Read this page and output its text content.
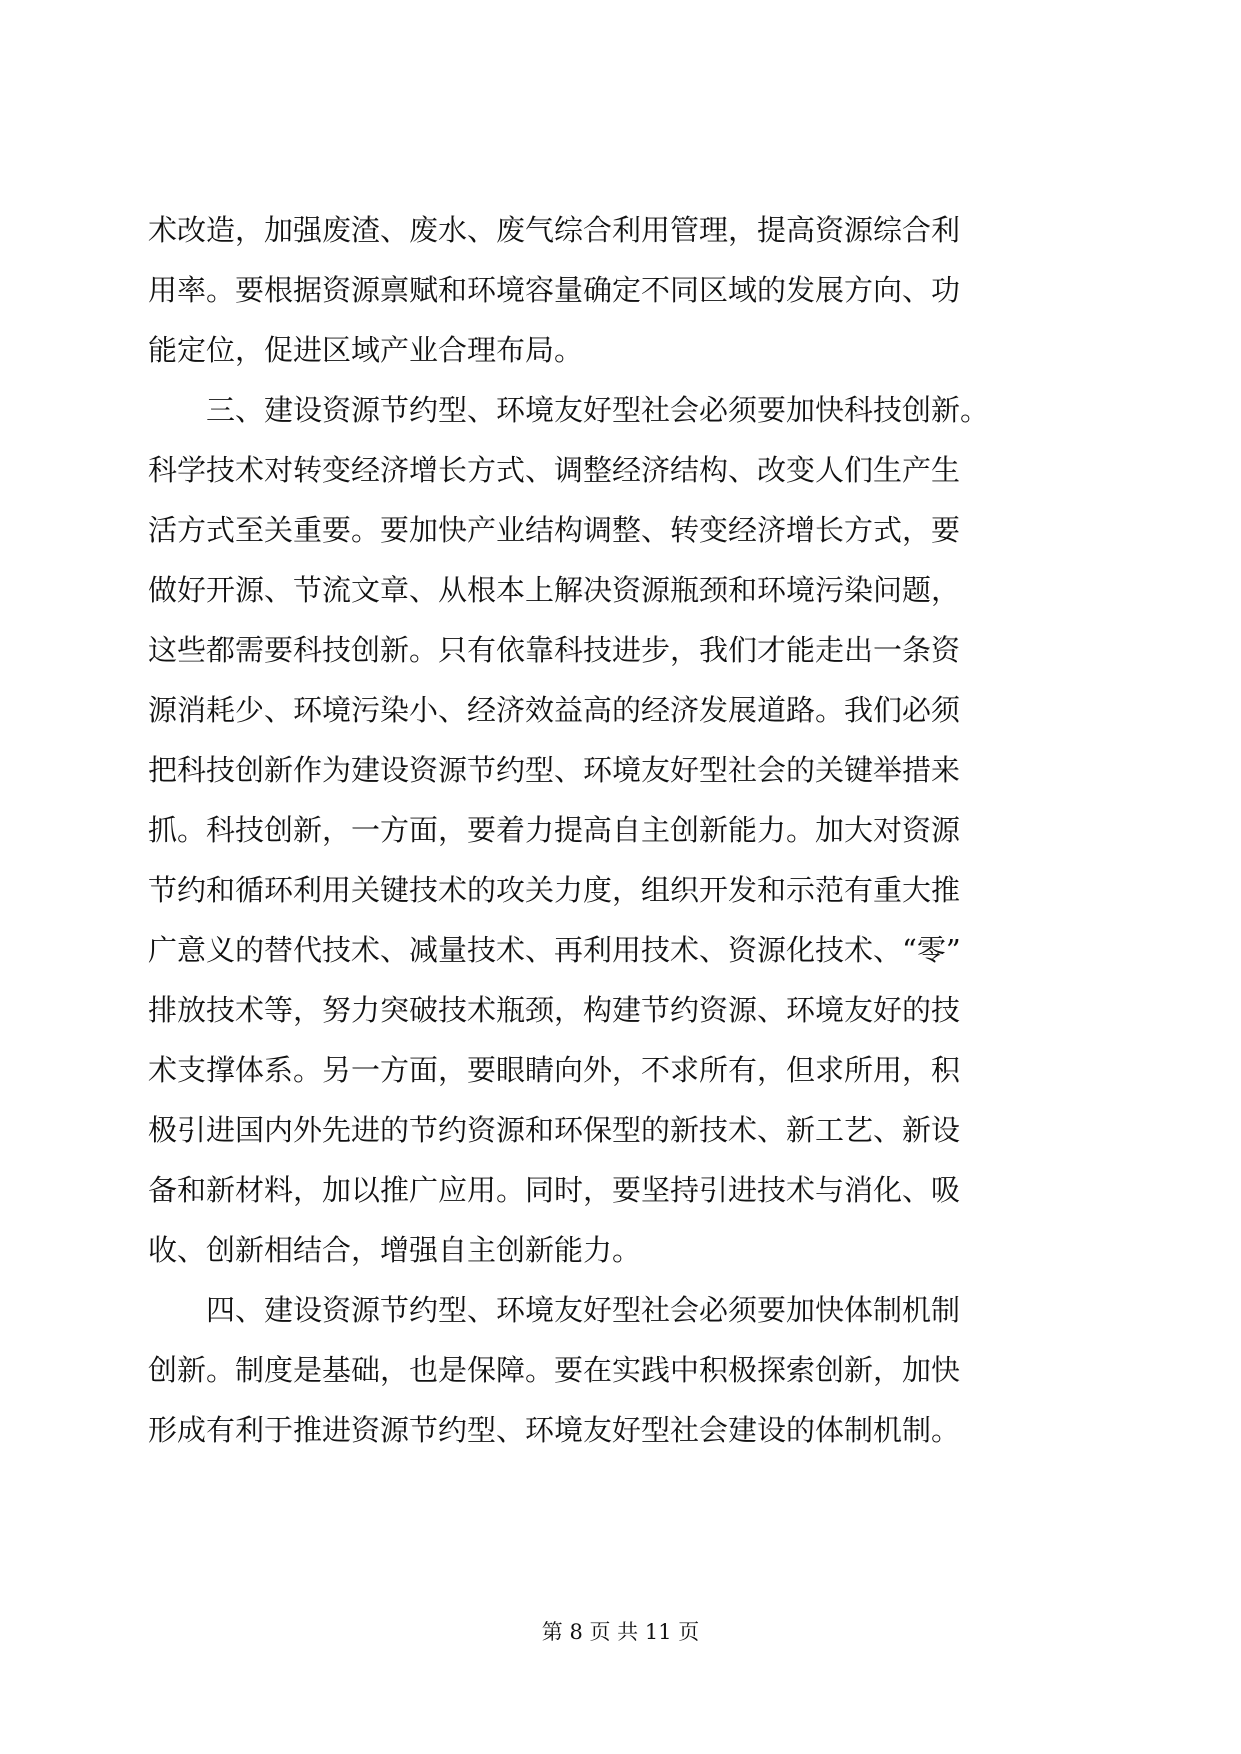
术改造，加强废渣、废水、废气综合利用管理，提高资源综合利
用率。要根据资源禀赋和环境容量确定不同区域的发展方向、功
能定位，促进区域产业合理布局。
三、建设资源节约型、环境友好型社会必须要加快科技创新。
科学技术对转变经济增长方式、调整经济结构、改变人们生产生
活方式至关重要。要加快产业结构调整、转变经济增长方式，要
做好开源、节流文章、从根本上解决资源瓶颈和环境污染问题，
这些都需要科技创新。只有依靠科技进步，我们才能走出一条资
源消耗少、环境污染小、经济效益高的经济发展道路。我们必须
把科技创新作为建设资源节约型、环境友好型社会的关键举措来
抓。科技创新，一方面，要着力提高自主创新能力。加大对资源
节约和循环利用关键技术的攻关力度，组织开发和示范有重大推
广意义的替代技术、减量技术、再利用技术、资源化技术、“零”
排放技术等，努力突破技术瓶颈，构建节约资源、环境友好的技
术支撑体系。另一方面，要眼睛向外，不求所有，但求所用，积
极引进国内外先进的节约资源和环保型的新技术、新工艺、新设
备和新材料，加以推广应用。同时，要坚持引进技术与消化、吸
收、创新相结合，增强自主创新能力。
四、建设资源节约型、环境友好型社会必须要加快体制机制
创新。制度是基础，也是保障。要在实践中积极探索创新，加快
形成有利于推进资源节约型、环境友好型社会建设的体制机制。
第 8 页 共 11 页
